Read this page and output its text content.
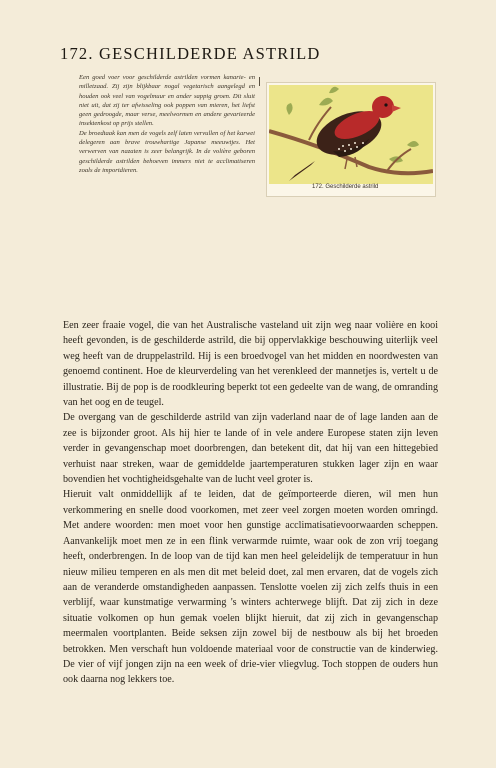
172. GESCHILDERDE ASTRILD

Een goed voer voor geschilderde astrilden vormen kanarie- en milletzaad. Zij zijn blijkbaar nogal vegetarisch aangelegd en houden ook veel van vogelmuur en ander sappig groen. Dit sluit niet uit, dat zij ter afwisseling ook poppen van mieren, het liefst geen gedroogde, maar verse, meelwormen en andere gevarieerde insektenkost op prijs stellen.

De broedtaak kan men de vogels zelf laten vervullen of het karwei delegeren aan brave trouwhartige Japanse meeuwtjes. Het verwerven van nazaten is zeer belangrijk. In de volière geboren geschilderde astrilden behoeven immers niet te acclimatiseren zoals de importdieren.

172. Geschilderde astrild

Een zeer fraaie vogel, die van het Australische vasteland uit zijn weg naar volière en kooi heeft gevonden, is de geschilderde astrild, die bij oppervlakkige beschouwing uiterlijk veel weg heeft van de druppelastrild. Hij is een broedvogel van het midden en noordwesten van genoemd continent. Hoe de kleurverdeling van het verenkleed der mannetjes is, vertelt u de illustratie. Bij de pop is de roodkleuring beperkt tot een gedeelte van de wang, de omranding van het oog en de teugel.

De overgang van de geschilderde astrild van zijn vaderland naar de of lage landen aan de zee is bijzonder groot. Als hij hier te lande of in vele andere Europese staten zijn leven verder in gevangenschap moet doorbrengen, dan betekent dit, dat hij van een hittegebied verhuist naar streken, waar de gemiddelde jaartemperaturen stukken lager zijn en waar bovendien het vochtigheidsgehalte van de lucht veel groter is.

Hieruit valt onmiddellijk af te leiden, dat de geïmporteerde dieren, wil men hun verkommering en snelle dood voorkomen, met zeer veel zorgen moeten worden omringd. Met andere woorden: men moet voor hen gunstige acclimatisatievoorwaarden scheppen. Aanvankelijk moet men ze in een flink verwarmde ruimte, waar ook de zon vrij toegang heeft, onderbrengen. In de loop van de tijd kan men heel geleidelijk de temperatuur in hun nieuw milieu temperen en als men dit met beleid doet, zal men ervaren, dat de vogels zich aan de veranderde omstandigheden aanpassen. Tenslotte voelen zij zich zelfs thuis in een verblijf, waar kunstmatige verwarming 's winters achterwege blijft. Dat zij zich in deze situatie volkomen op hun gemak voelen blijkt hieruit, dat zij zich in gevangenschap meermalen voortplanten. Beide seksen zijn zowel bij de nestbouw als bij het broeden betrokken. Men verschaft hun voldoende materiaal voor de constructie van de kinderwieg. De vier of vijf jongen zijn na een week of drie-vier vliegvlug. Toch stoppen de ouders hun ook daarna nog lekkers toe.
